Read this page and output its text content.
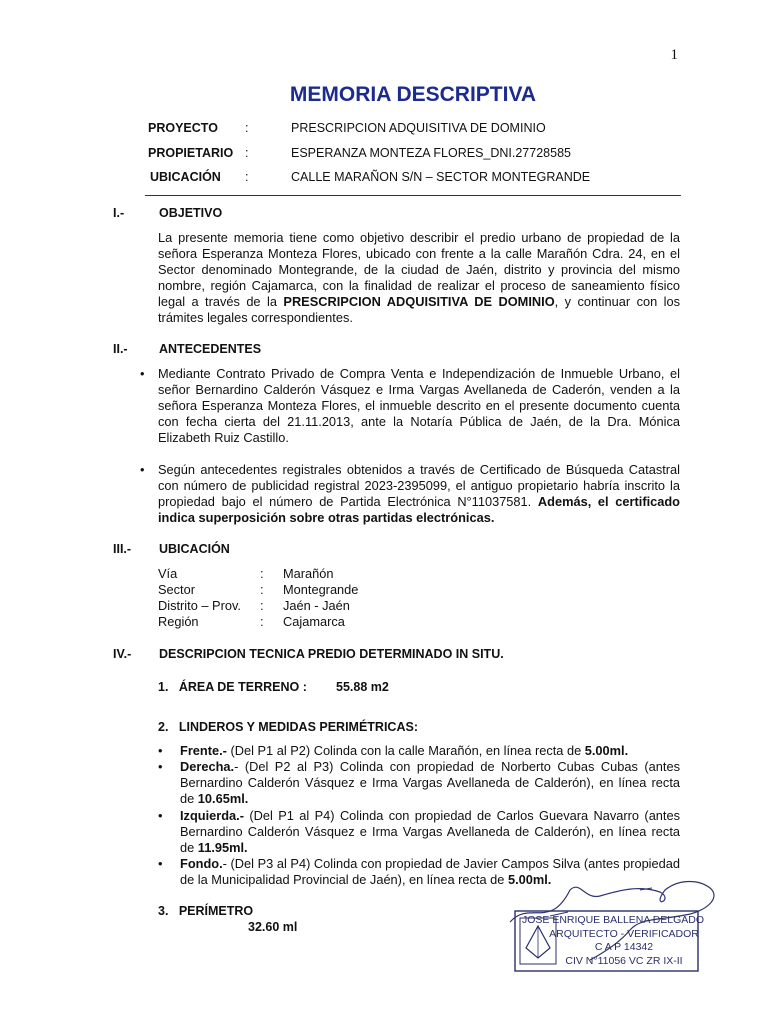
1
MEMORIA DESCRIPTIVA
PROYECTO	:	PRESCRIPCION ADQUISITIVA DE DOMINIO
PROPIETARIO :	ESPERANZA MONTEZA FLORES_DNI.27728585
UBICACIÓN	:	CALLE MARAÑON S/N – SECTOR MONTEGRANDE
I.-	OBJETIVO
La presente memoria tiene como objetivo describir el predio urbano de propiedad de la señora Esperanza Monteza Flores, ubicado con frente a la calle Marañón Cdra. 24, en el Sector denominado Montegrande, de la ciudad de Jaén, distrito y provincia del mismo nombre, región Cajamarca, con la finalidad de realizar el proceso de saneamiento físico legal a través de la PRESCRIPCION ADQUISITIVA DE DOMINIO, y continuar con los trámites legales correspondientes.
II.-	ANTECEDENTES
• Mediante Contrato Privado de Compra Venta e Independización de Inmueble Urbano, el señor Bernardino Calderón Vásquez e Irma Vargas Avellaneda de Caderón, venden a la señora Esperanza Monteza Flores, el inmueble descrito en el presente documento cuenta con fecha cierta del 21.11.2013, ante la Notaría Pública de Jaén, de la Dra. Mónica Elizabeth Ruiz Castillo.
• Según antecedentes registrales obtenidos a través de Certificado de Búsqueda Catastral con número de publicidad registral 2023-2395099, el antiguo propietario habría inscrito la propiedad bajo el número de Partida Electrónica N°11037581. Además, el certificado indica superposición sobre otras partidas electrónicas.
III.- UBICACIÓN
Vía	: Marañón
Sector	: Montegrande
Distrito – Prov. : Jaén - Jaén
Región	: Cajamarca
IV.- DESCRIPCION TECNICA PREDIO DETERMINADO IN SITU.
1.   ÁREA DE TERRENO : 55.88 m2
2.   LINDEROS Y MEDIDAS PERIMÉTRICAS:
• Frente.- (Del P1 al P2) Colinda con la calle Marañón, en línea recta de 5.00ml.
• Derecha.- (Del P2 al P3) Colinda con propiedad de Norberto Cubas Cubas (antes Bernardino Calderón Vásquez e Irma Vargas Avellaneda de Calderón), en línea recta de 10.65ml.
• Izquierda.- (Del P1 al P4) Colinda con propiedad de Carlos Guevara Navarro (antes Bernardino Calderón Vásquez e Irma Vargas Avellaneda de Calderón), en línea recta de 11.95ml.
• Fondo.- (Del P3 al P4) Colinda con propiedad de Javier Campos Silva (antes propiedad de la Municipalidad Provincial de Jaén), en línea recta de 5.00ml.
3.   PERÍMETRO
32.60 ml	JOSE ENRIQUE BALLENA DELGADO
ARQUITECTO - VERIFICADOR
C A P 14342
CIV N°11056 VC ZR IX-II
